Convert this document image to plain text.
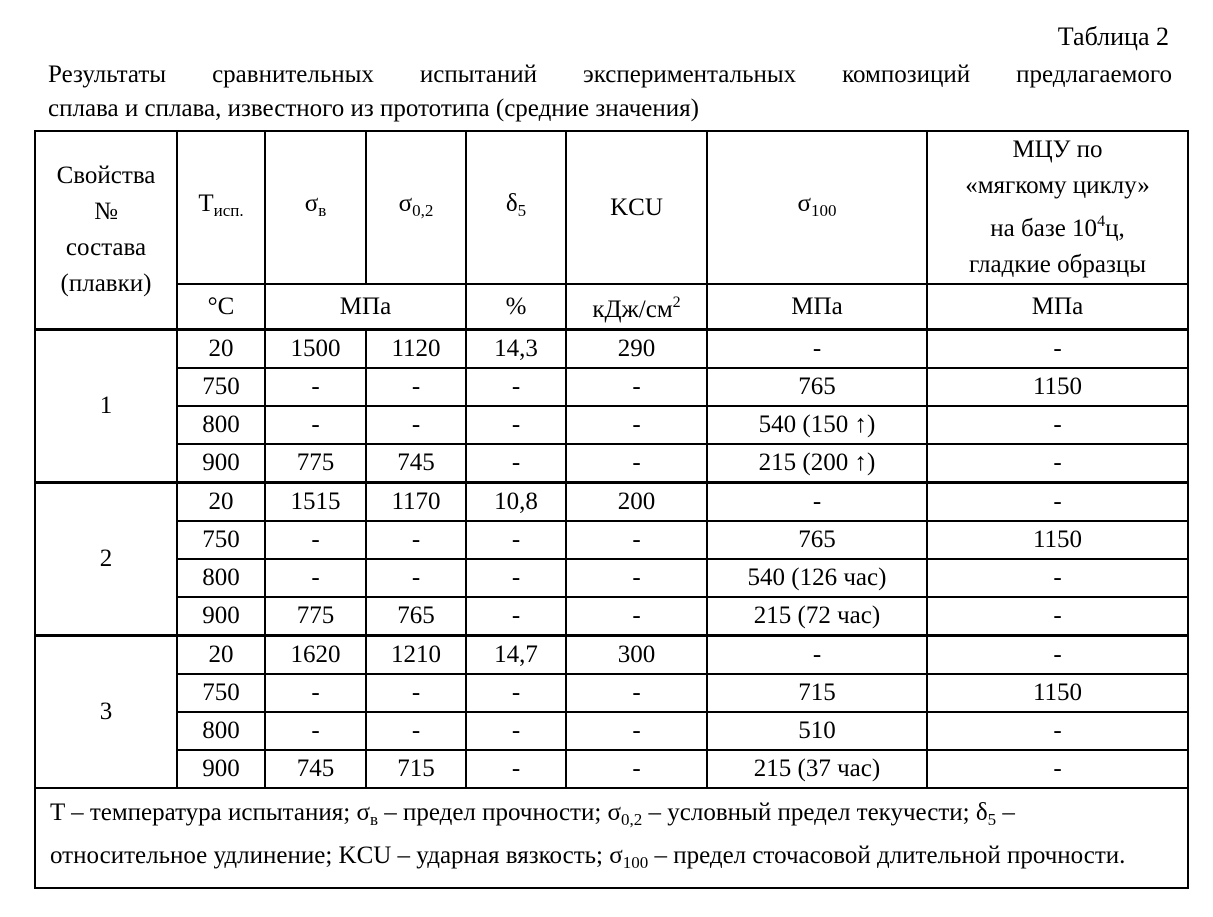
Таблица 2
Результаты сравнительных испытаний экспериментальных композиций предлагаемого
сплава и сплава, известного из прототипа (средние значения)
Свойства
№
состава
(плавки)
	Tисп.	σв	σ0,2	δ5	KCU	σ100	
МЦУ по
«мягкому циклу»
на базе 104ц,
гладкие образцы

°C	МПа	%	кДж/см2	МПа	МПа
1	20	1500	1120	14,3	290	-	-
750	-	-	-	-	765	1150
800	-	-	-	-	540 (150 ↑)	-
900	775	745	-	-	215 (200 ↑)	-
2	20	1515	1170	10,8	200	-	-
750	-	-	-	-	765	1150
800	-	-	-	-	540 (126 час)	-
900	775	765	-	-	215 (72 час)	-
3	20	1620	1210	14,7	300	-	-
750	-	-	-	-	715	1150
800	-	-	-	-	510	-
900	745	715	-	-	215 (37 час)	-
T – температура испытания; σв – предел прочности; σ0,2 – условный предел текучести; δ5 – относительное удлинение; KCU – ударная вязкость; σ100 – предел сточасовой длительной прочности.
